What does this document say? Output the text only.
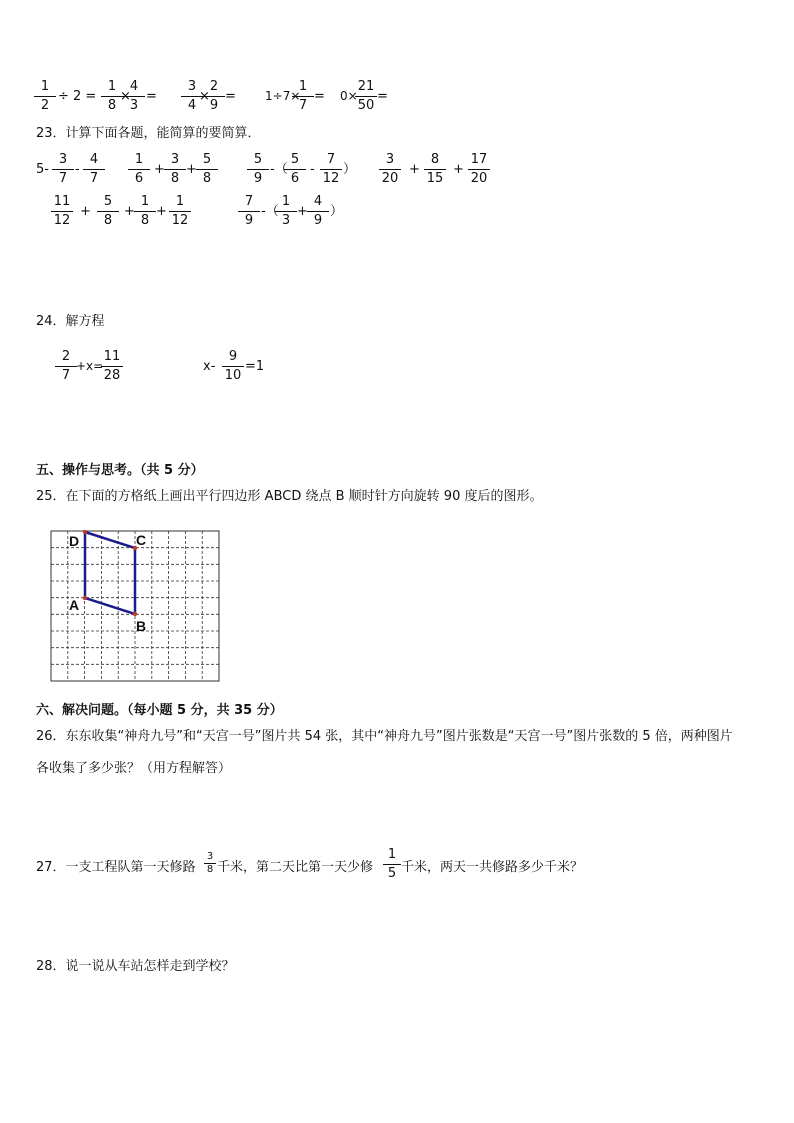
1
2
÷ 2 =
1
8
×
4
3
=
3
4
×
2
9
= 1÷7×
1
7
= 0×
21
50
=
23．计算下面各题，能简算的要简算．
5-
3
7
-
4
7
1
6
+
3
8
+
5
8
5
9
-（
5
6
-
7
12
）
3
20
+
8
15
+
17
20
11
12
+
5
8
+
1
8
+
1
12
7
9
-（
1
3
+
4
9
）
24．解方程
2
7
+x=
11
28
x-
9
10
=1
五、操作与思考。（共 5 分）
25．在下面的方格纸上画出平行四边形 ABCD 绕点 B 顺时针方向旋转 90 度后的图形。
D	C
A
B
六、解决问题。（每小题 5 分，共 35 分）
26．东东收集“神舟九号”和“天宫一号”图片共 54 张，其中“神舟九号”图片张数是“天宫一号”图片张数的 5 倍，两种图片
各收集了多少张？（用方程解答）
27．一支工程队第一天修路
3
8 千米，第二天比第一天少修
1
5 千米，两天一共修路多少千米？
28．说一说从车站怎样走到学校？
